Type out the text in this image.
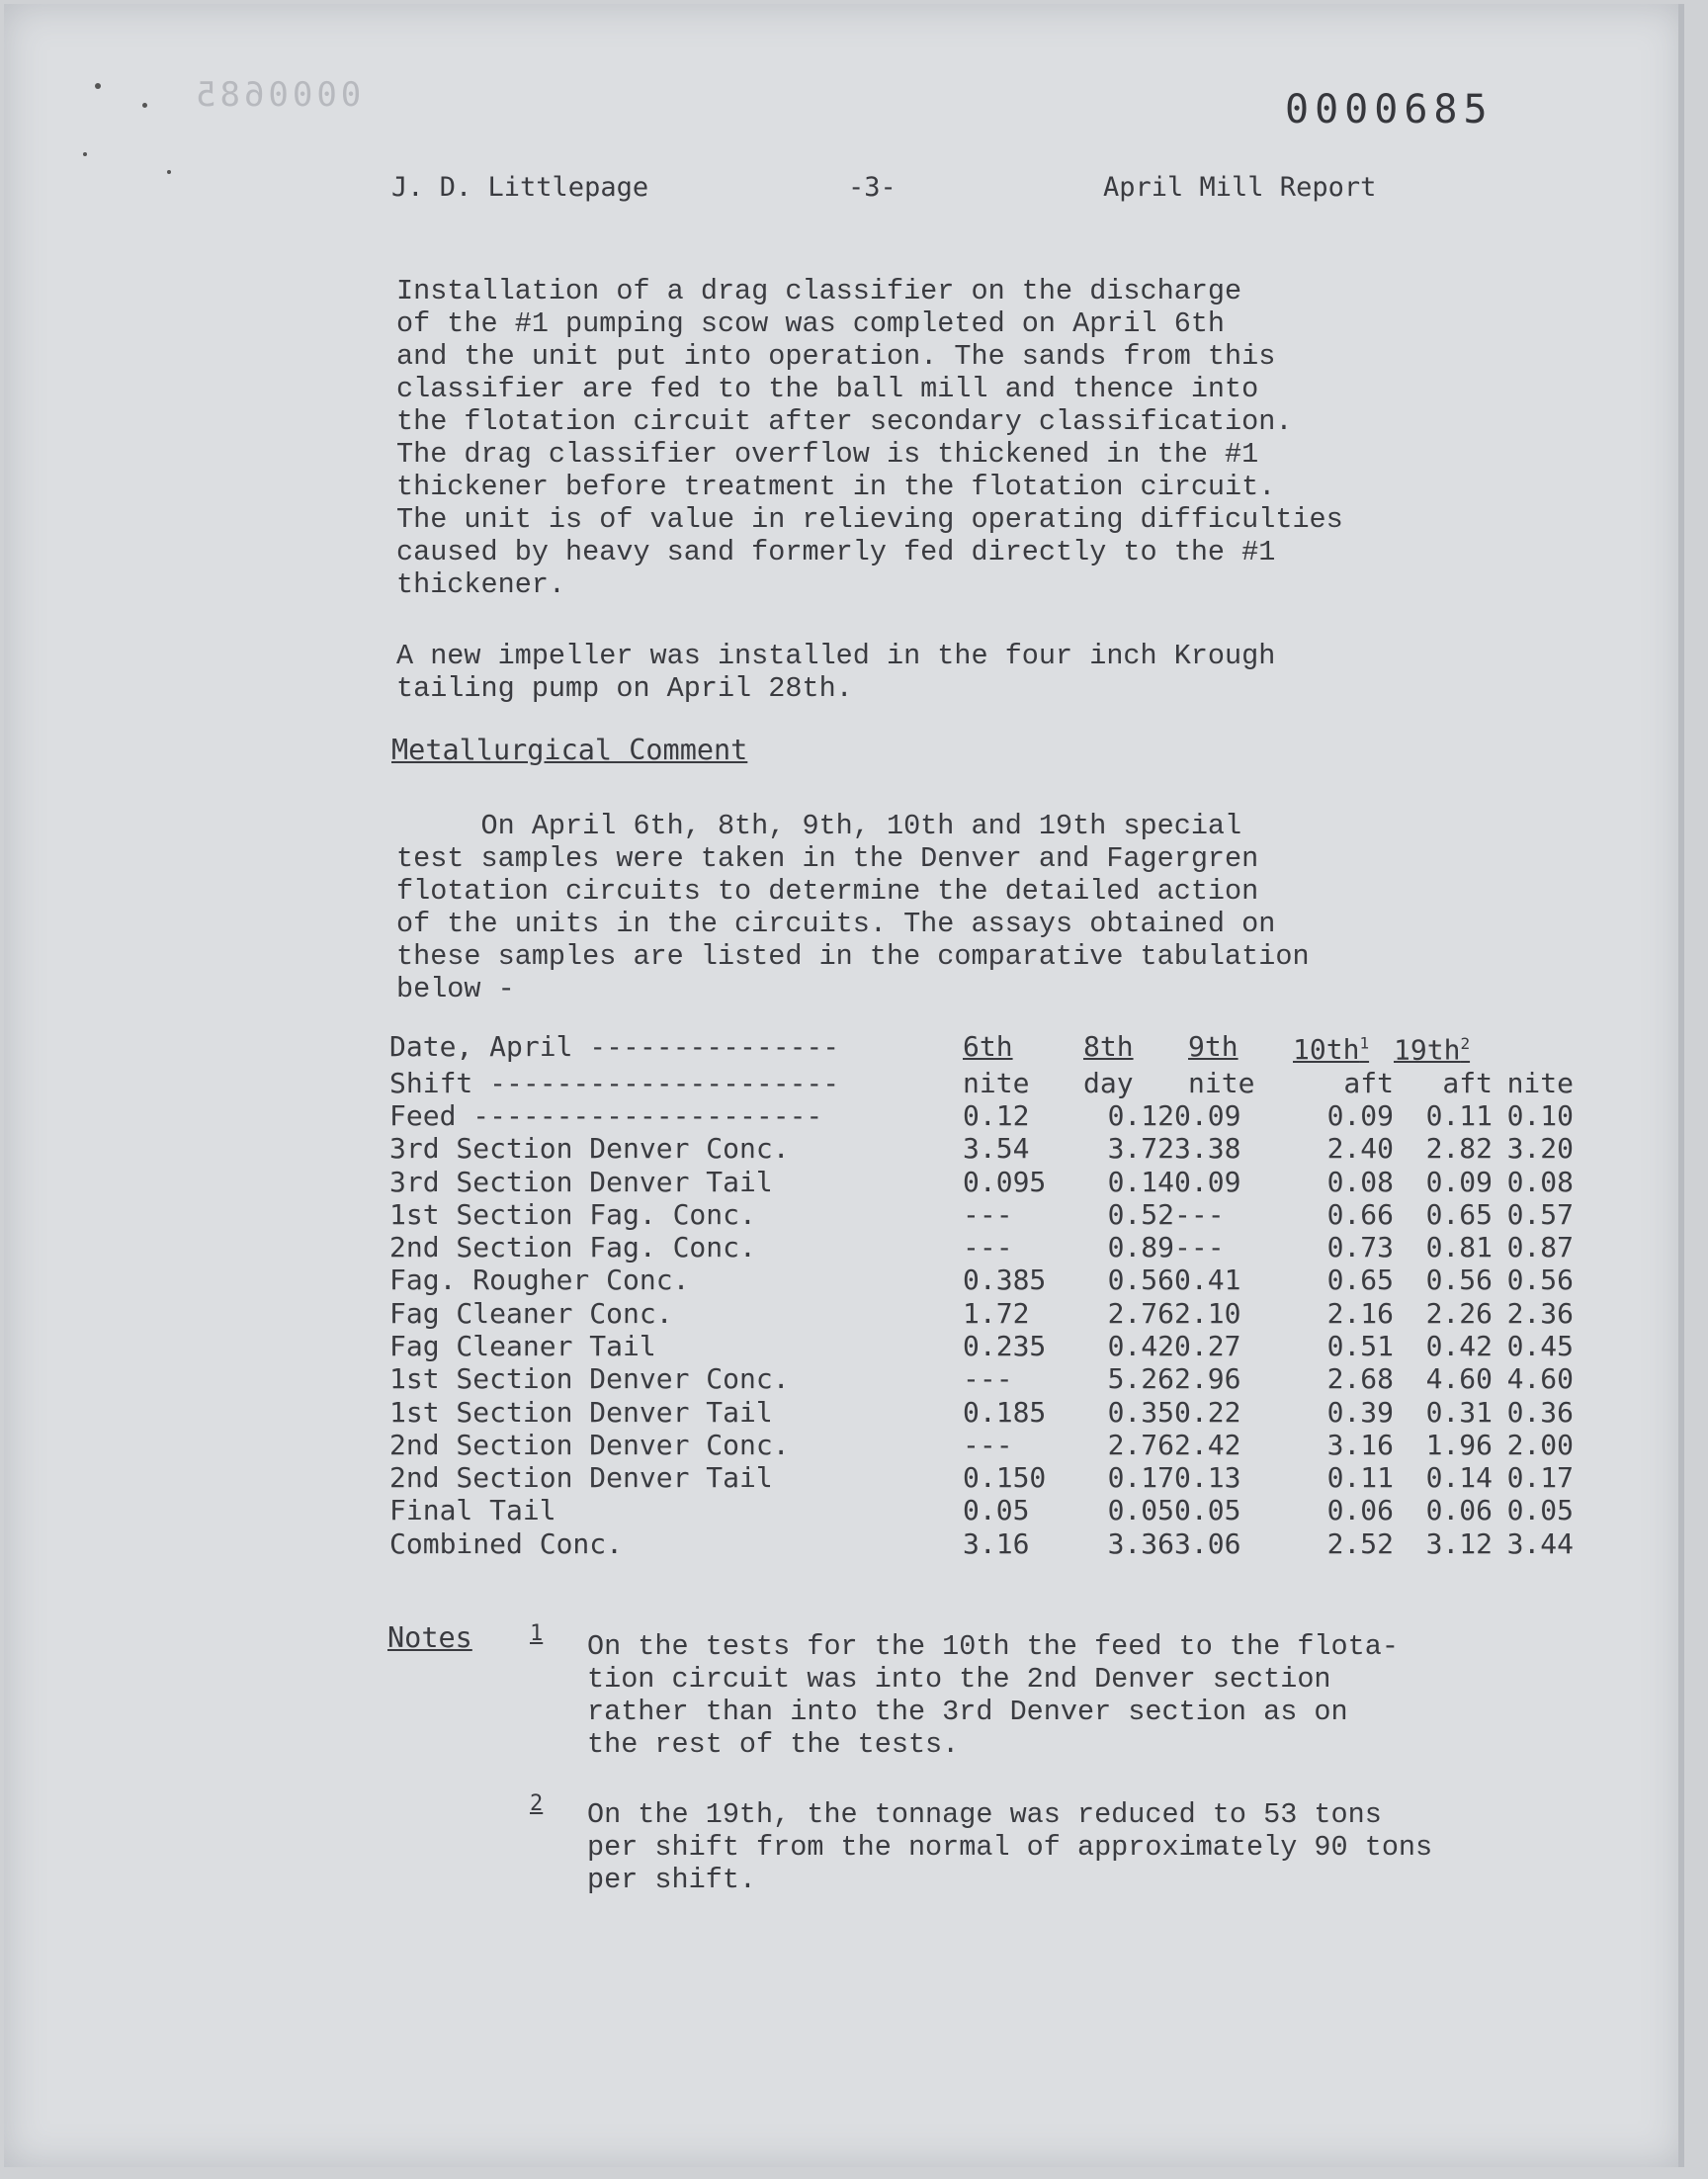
0000685	0000685
J. D. Littlepage	-3-	April Mill Report
Installation of a drag classifier on the discharge
of the #1 pumping scow was completed on April 6th
and the unit put into operation. The sands from this
classifier are fed to the ball mill and thence into
the flotation circuit after secondary classification.
The drag classifier overflow is thickened in the #1
thickener before treatment in the flotation circuit.
The unit is of value in relieving operating difficulties
caused by heavy sand formerly fed directly to the #1
thickener.
A new impeller was installed in the four inch Krough
tailing pump on April 28th.
Metallurgical Comment
On April 6th, 8th, 9th, 10th and 19th special
test samples were taken in the Denver and Fagergren
flotation circuits to determine the detailed action
of the units in the circuits. The assays obtained on
these samples are listed in the comparative tabulation
below -
Date, April ---------------	6th	8th	9th	$10th^1$	$19th^2$
Shift ---------------------	nite	day	nite	aft	aft	nite
Feed ---------------------	0.12	0.12	0.09	0.09	0.11	0.10
3rd Section Denver Conc.	3.54	3.72	3.38	2.40	2.82	3.20
3rd Section Denver Tail	0.095	0.14	0.09	0.08	0.09	0.08
1st Section Fag. Conc.	---	0.52	---	0.66	0.65	0.57
2nd Section Fag. Conc.	---	0.89	---	0.73	0.81	0.87
Fag. Rougher Conc.	0.385	0.56	0.41	0.65	0.56	0.56
Fag Cleaner Conc.	1.72	2.76	2.10	2.16	2.26	2.36
Fag Cleaner Tail	0.235	0.42	0.27	0.51	0.42	0.45
1st Section Denver Conc.	---	5.26	2.96	2.68	4.60	4.60
1st Section Denver Tail	0.185	0.35	0.22	0.39	0.31	0.36
2nd Section Denver Conc.	---	2.76	2.42	3.16	1.96	2.00
2nd Section Denver Tail	0.150	0.17	0.13	0.11	0.14	0.17
Final Tail	0.05	0.05	0.05	0.06	0.06	0.05
Combined Conc.	3.16	3.36	3.06	2.52	3.12	3.44
Notes	1 On the tests for the 10th the feed to the flota-
tion circuit was into the 2nd Denver section
rather than into the 3rd Denver section as on
the rest of the tests.
2 On the 19th, the tonnage was reduced to 53 tons
per shift from the normal of approximately 90 tons
per shift.
